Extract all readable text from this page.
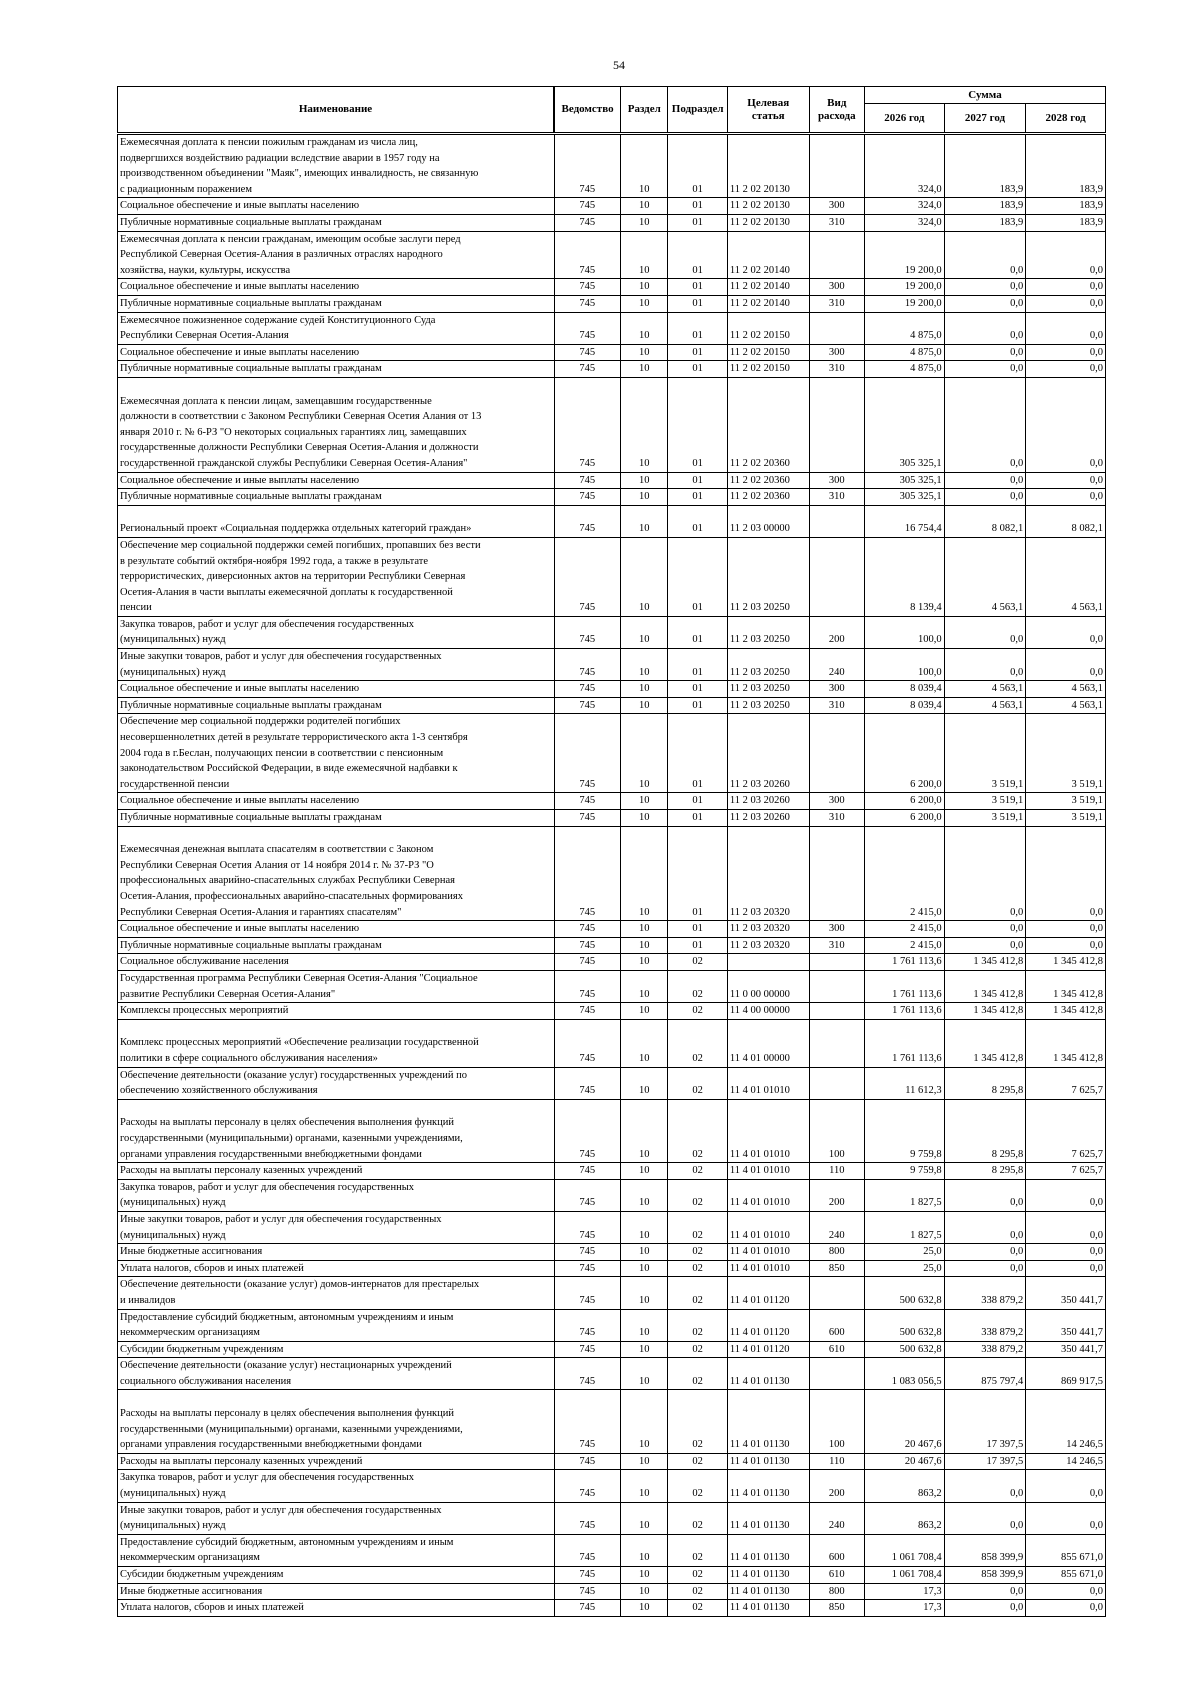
54
Наименование	Ведомство	Раздел	Подраздел	Целевая статья	Вид расхода	Сумма		
						2026 год	2027 год	2028 год
Ежемесячная доплата к пенсии пожилым гражданам из числа лиц,
подвергшихся воздействию радиации вследствие аварии в 1957 году на
производственном объединении "Маяк", имеющих инвалидность, не связанную
с радиационным поражением	745	10	01	11 2 02 20130		324,0	183,9	183,9
Социальное обеспечение и иные выплаты населению	745	10	01	11 2 02 20130	300	324,0	183,9	183,9
Публичные нормативные социальные выплаты гражданам	745	10	01	11 2 02 20130	310	324,0	183,9	183,9
Ежемесячная доплата к пенсии гражданам, имеющим особые заслуги перед
Республикой Северная Осетия-Алания в различных отраслях народного
хозяйства, науки, культуры, искусства	745	10	01	11 2 02 20140		19 200,0	0,0	0,0
Социальное обеспечение и иные выплаты населению	745	10	01	11 2 02 20140	300	19 200,0	0,0	0,0
Публичные нормативные социальные выплаты гражданам	745	10	01	11 2 02 20140	310	19 200,0	0,0	0,0
Ежемесячное пожизненное содержание судей Конституционного Суда
Республики Северная Осетия-Алания	745	10	01	11 2 02 20150		4 875,0	0,0	0,0
Социальное обеспечение и иные выплаты населению	745	10	01	11 2 02 20150	300	4 875,0	0,0	0,0
Публичные нормативные социальные выплаты гражданам	745	10	01	11 2 02 20150	310	4 875,0	0,0	0,0
Ежемесячная доплата к пенсии лицам, замещавшим государственные
должности в соответствии с Законом Республики Северная Осетия Алания от 13
января 2010 г. № 6-РЗ "О некоторых социальных гарантиях лиц, замещавших
государственные должности Республики Северная Осетия-Алания и должности
государственной гражданской службы Республики Северная Осетия-Алания"	745	10	01	11 2 02 20360		305 325,1	0,0	0,0
Социальное обеспечение и иные выплаты населению	745	10	01	11 2 02 20360	300	305 325,1	0,0	0,0
Публичные нормативные социальные выплаты гражданам	745	10	01	11 2 02 20360	310	305 325,1	0,0	0,0
Региональный проект «Социальная поддержка отдельных категорий граждан»	745	10	01	11 2 03 00000		16 754,4	8 082,1	8 082,1
Обеспечение мер социальной поддержки семей погибших, пропавших без вести
в результате событий октября-ноября 1992 года, а также в результате
террористических, диверсионных актов на территории Республики Северная
Осетия-Алания в части выплаты ежемесячной доплаты к государственной
пенсии	745	10	01	11 2 03 20250		8 139,4	4 563,1	4 563,1
Закупка товаров, работ и услуг для обеспечения государственных
(муниципальных) нужд	745	10	01	11 2 03 20250	200	100,0	0,0	0,0
Иные закупки товаров, работ и услуг для обеспечения государственных
(муниципальных) нужд	745	10	01	11 2 03 20250	240	100,0	0,0	0,0
Социальное обеспечение и иные выплаты населению	745	10	01	11 2 03 20250	300	8 039,4	4 563,1	4 563,1
Публичные нормативные социальные выплаты гражданам	745	10	01	11 2 03 20250	310	8 039,4	4 563,1	4 563,1
Обеспечение мер социальной поддержки родителей погибших
несовершеннолетних детей в результате террористического акта 1-3 сентября
2004 года в г.Беслан, получающих пенсии в соответствии с пенсионным
законодательством Российской Федерации, в виде ежемесячной надбавки к
государственной пенсии	745	10	01	11 2 03 20260		6 200,0	3 519,1	3 519,1
Социальное обеспечение и иные выплаты населению	745	10	01	11 2 03 20260	300	6 200,0	3 519,1	3 519,1
Публичные нормативные социальные выплаты гражданам	745	10	01	11 2 03 20260	310	6 200,0	3 519,1	3 519,1
Ежемесячная денежная выплата спасателям в соответствии с Законом
Республики Северная Осетия Алания от 14 ноября 2014 г. № 37-РЗ "О
профессиональных аварийно-спасательных службах Республики Северная
Осетия-Алания, профессиональных аварийно-спасательных формированиях
Республики Северная Осетия-Алания и гарантиях спасателям"	745	10	01	11 2 03 20320		2 415,0	0,0	0,0
Социальное обеспечение и иные выплаты населению	745	10	01	11 2 03 20320	300	2 415,0	0,0	0,0
Публичные нормативные социальные выплаты гражданам	745	10	01	11 2 03 20320	310	2 415,0	0,0	0,0
Социальное обслуживание населения	745	10	02			1 761 113,6	1 345 412,8	1 345 412,8
Государственная программа Республики Северная Осетия-Алания "Социальное
развитие Республики Северная Осетия-Алания"	745	10	02	11 0 00 00000		1 761 113,6	1 345 412,8	1 345 412,8
Комплексы процессных мероприятий	745	10	02	11 4 00 00000		1 761 113,6	1 345 412,8	1 345 412,8
Комплекс процессных мероприятий «Обеспечение реализации государственной
политики в сфере социального обслуживания населения»	745	10	02	11 4 01 00000		1 761 113,6	1 345 412,8	1 345 412,8
Обеспечение деятельности (оказание услуг) государственных учреждений по
обеспечению хозяйственного обслуживания	745	10	02	11 4 01 01010		11 612,3	8 295,8	7 625,7
Расходы на выплаты персоналу в целях обеспечения выполнения функций
государственными (муниципальными) органами, казенными учреждениями,
органами управления государственными внебюджетными фондами	745	10	02	11 4 01 01010	100	9 759,8	8 295,8	7 625,7
Расходы на выплаты персоналу казенных учреждений	745	10	02	11 4 01 01010	110	9 759,8	8 295,8	7 625,7
Закупка товаров, работ и услуг для обеспечения государственных
(муниципальных) нужд	745	10	02	11 4 01 01010	200	1 827,5	0,0	0,0
Иные закупки товаров, работ и услуг для обеспечения государственных
(муниципальных) нужд	745	10	02	11 4 01 01010	240	1 827,5	0,0	0,0
Иные бюджетные ассигнования	745	10	02	11 4 01 01010	800	25,0	0,0	0,0
Уплата налогов, сборов и иных платежей	745	10	02	11 4 01 01010	850	25,0	0,0	0,0
Обеспечение деятельности (оказание услуг) домов-интернатов для престарелых
и инвалидов	745	10	02	11 4 01 01120		500 632,8	338 879,2	350 441,7
Предоставление субсидий бюджетным, автономным учреждениям и иным
некоммерческим организациям	745	10	02	11 4 01 01120	600	500 632,8	338 879,2	350 441,7
Субсидии бюджетным учреждениям	745	10	02	11 4 01 01120	610	500 632,8	338 879,2	350 441,7
Обеспечение деятельности (оказание услуг) нестационарных учреждений
социального обслуживания населения	745	10	02	11 4 01 01130		1 083 056,5	875 797,4	869 917,5
Расходы на выплаты персоналу в целях обеспечения выполнения функций
государственными (муниципальными) органами, казенными учреждениями,
органами управления государственными внебюджетными фондами	745	10	02	11 4 01 01130	100	20 467,6	17 397,5	14 246,5
Расходы на выплаты персоналу казенных учреждений	745	10	02	11 4 01 01130	110	20 467,6	17 397,5	14 246,5
Закупка товаров, работ и услуг для обеспечения государственных
(муниципальных) нужд	745	10	02	11 4 01 01130	200	863,2	0,0	0,0
Иные закупки товаров, работ и услуг для обеспечения государственных
(муниципальных) нужд	745	10	02	11 4 01 01130	240	863,2	0,0	0,0
Предоставление субсидий бюджетным, автономным учреждениям и иным
некоммерческим организациям	745	10	02	11 4 01 01130	600	1 061 708,4	858 399,9	855 671,0
Субсидии бюджетным учреждениям	745	10	02	11 4 01 01130	610	1 061 708,4	858 399,9	855 671,0
Иные бюджетные ассигнования	745	10	02	11 4 01 01130	800	17,3	0,0	0,0
Уплата налогов, сборов и иных платежей	745	10	02	11 4 01 01130	850	17,3	0,0	0,0
